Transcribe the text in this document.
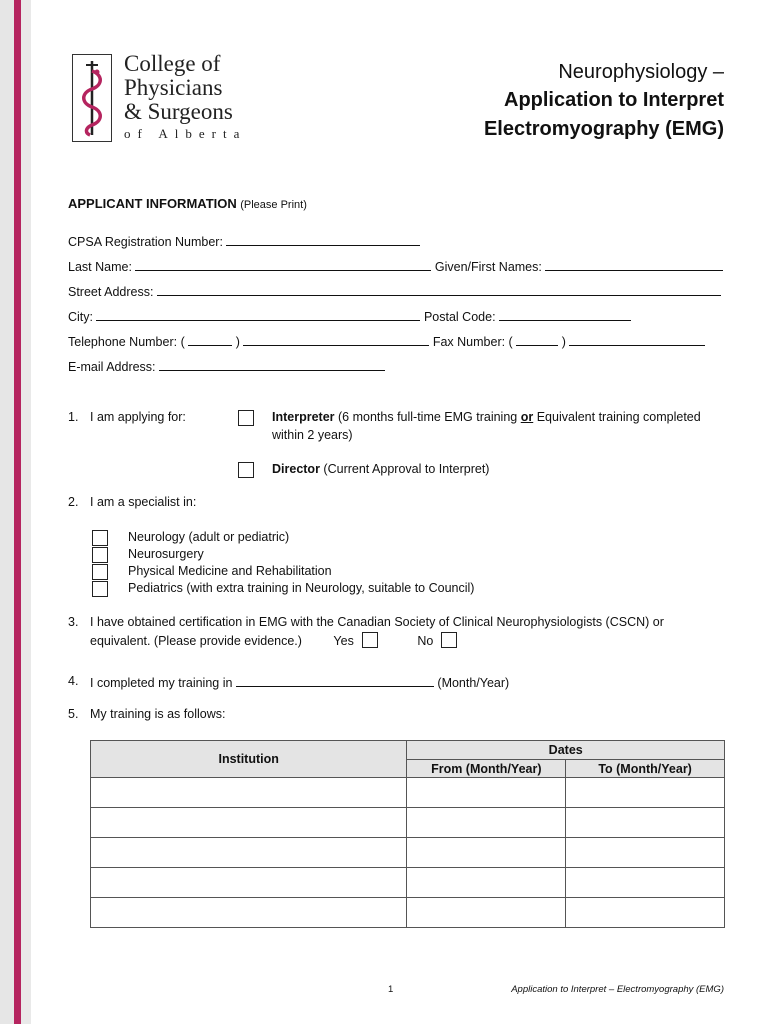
College of
Physicians
& Surgeons
of Alberta
Neurophysiology –
Application to Interpret
Electromyography (EMG)
APPLICANT INFORMATION (Please Print)
CPSA Registration Number:
Last Name:	Given/First Names:
Street Address:
City:	Postal Code:
Telephone Number: (	)	Fax Number: (	)
E-mail Address:
1. I am applying for:	Interpreter (6 months full-time EMG training or Equivalent training completed
within 2 years)
Director (Current Approval to Interpret)
2. I am a specialist in:
Neurology (adult or pediatric)
Neurosurgery
Physical Medicine and Rehabilitation
Pediatrics (with extra training in Neurology, suitable to Council)
3. I have obtained certification in EMG with the Canadian Society of Clinical Neurophysiologists (CSCN) or
equivalent. (Please provide evidence.)	Yes	No
4. I completed my training in	(Month/Year)
5. My training is as follows:
Institution	Dates	
	From (Month/Year)	To (Month/Year)

1	Application to Interpret – Electromyography (EMG)
